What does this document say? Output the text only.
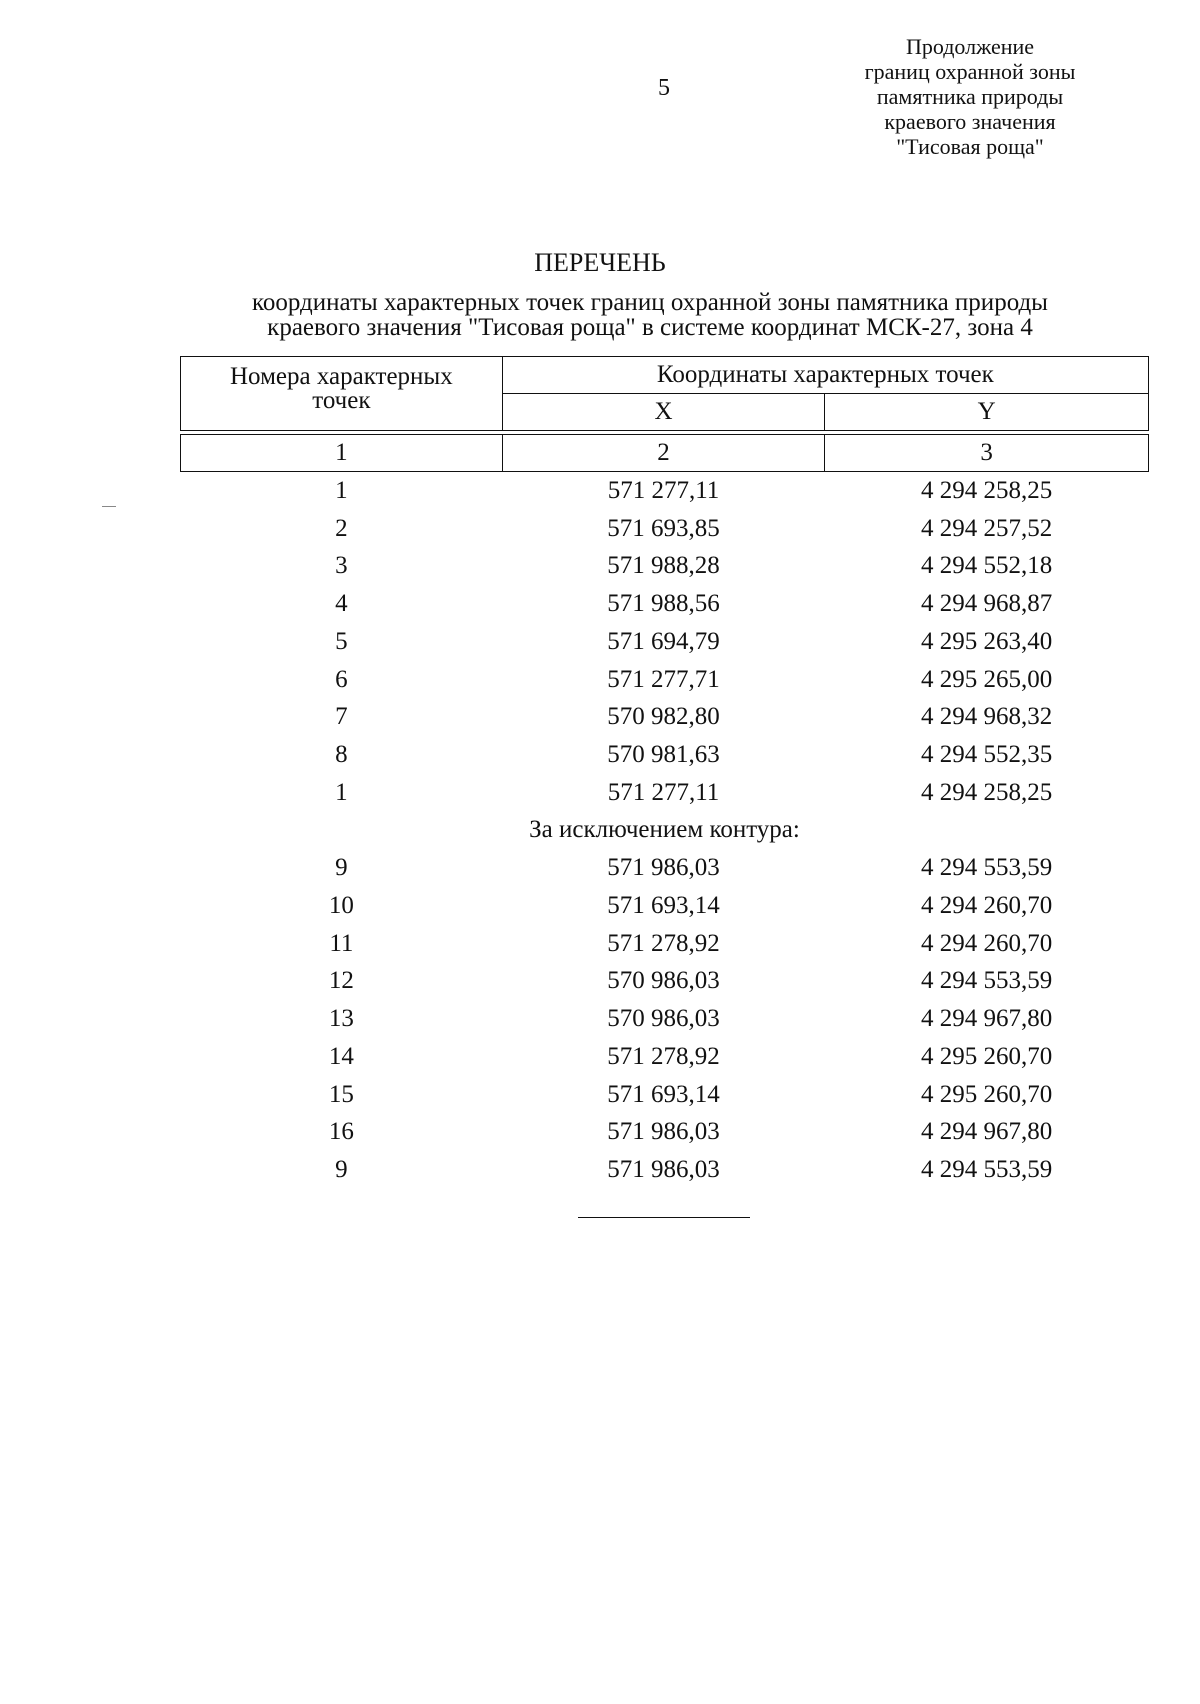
5
Продолжение
границ охранной зоны
памятника природы
краевого значения
"Тисовая роща"
ПЕРЕЧЕНЬ
координаты характерных точек границ охранной зоны памятника природы
краевого значения "Тисовая роща" в системе координат МСК-27, зона 4
Номера характерных
точек	Координаты характерных точек	
	X	Y

1	2	3
1	571 277,11	4 294 258,25
2	571 693,85	4 294 257,52
3	571 988,28	4 294 552,18
4	571 988,56	4 294 968,87
5	571 694,79	4 295 263,40
6	571 277,71	4 295 265,00
7	570 982,80	4 294 968,32
8	570 981,63	4 294 552,35
1	571 277,11	4 294 258,25
За исключением контура:		
9	571 986,03	4 294 553,59
10	571 693,14	4 294 260,70
11	571 278,92	4 294 260,70
12	570 986,03	4 294 553,59
13	570 986,03	4 294 967,80
14	571 278,92	4 295 260,70
15	571 693,14	4 295 260,70
16	571 986,03	4 294 967,80
9	571 986,03	4 294 553,59
